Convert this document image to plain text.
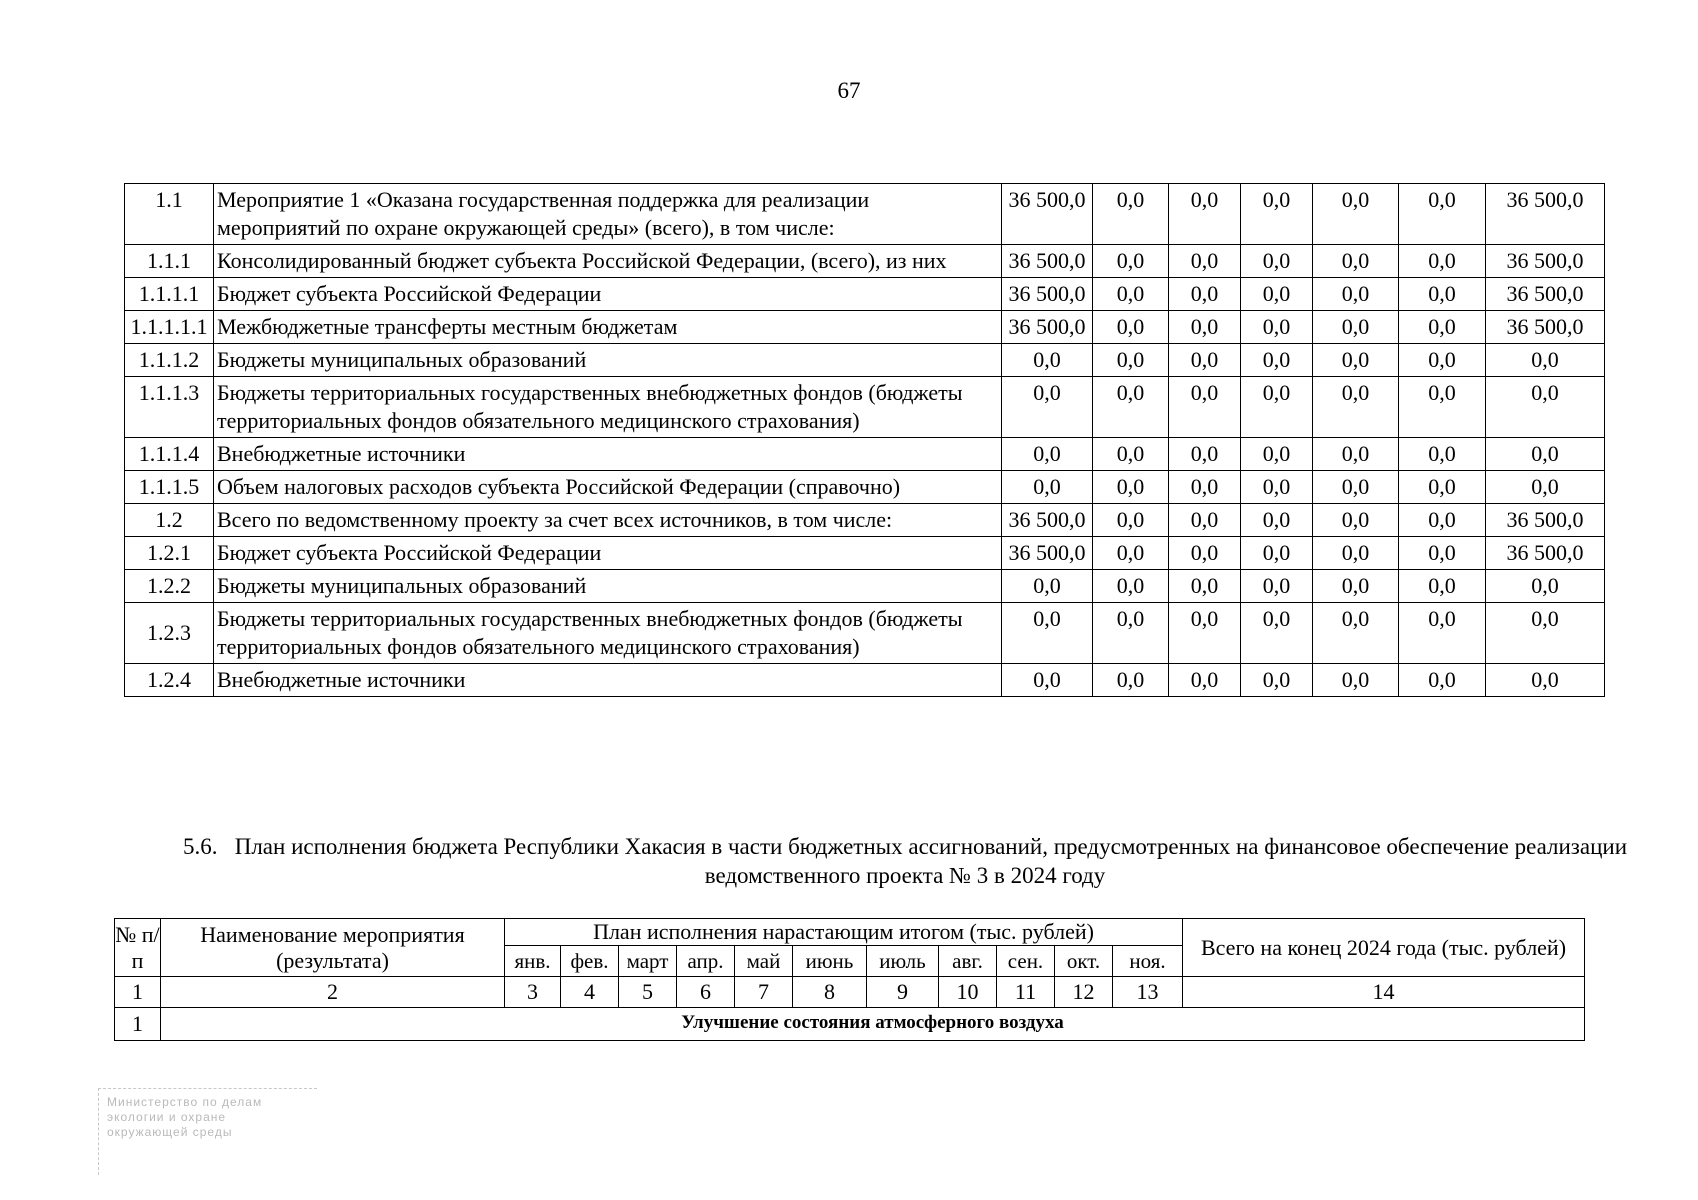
67
1.1	Мероприятие 1 «Оказана государственная поддержка для реализации мероприятий по охране окружающей среды» (всего), в том числе:	36 500,0	0,0	0,0	0,0	0,0	0,0	36 500,0
1.1.1	Консолидированный бюджет субъекта Российской Федерации, (всего), из них	36 500,0	0,0	0,0	0,0	0,0	0,0	36 500,0
1.1.1.1	Бюджет субъекта Российской Федерации	36 500,0	0,0	0,0	0,0	0,0	0,0	36 500,0
1.1.1.1.1	Межбюджетные трансферты местным бюджетам	36 500,0	0,0	0,0	0,0	0,0	0,0	36 500,0
1.1.1.2	Бюджеты муниципальных образований	0,0	0,0	0,0	0,0	0,0	0,0	0,0
1.1.1.3	Бюджеты территориальных государственных внебюджетных фондов (бюджеты территориальных фондов обязательного медицинского страхования)	0,0	0,0	0,0	0,0	0,0	0,0	0,0
1.1.1.4	Внебюджетные источники	0,0	0,0	0,0	0,0	0,0	0,0	0,0
1.1.1.5	Объем налоговых расходов субъекта Российской Федерации (справочно)	0,0	0,0	0,0	0,0	0,0	0,0	0,0
1.2	Всего по ведомственному проекту за счет всех источников, в том числе:	36 500,0	0,0	0,0	0,0	0,0	0,0	36 500,0
1.2.1	Бюджет субъекта Российской Федерации	36 500,0	0,0	0,0	0,0	0,0	0,0	36 500,0
1.2.2	Бюджеты муниципальных образований	0,0	0,0	0,0	0,0	0,0	0,0	0,0
1.2.3	Бюджеты территориальных государственных внебюджетных фондов (бюджеты территориальных фондов обязательного медицинского страхования)	0,0	0,0	0,0	0,0	0,0	0,0	0,0
1.2.4	Внебюджетные источники	0,0	0,0	0,0	0,0	0,0	0,0	0,0
5.6. План исполнения бюджета Республики Хакасия в части бюджетных ассигнований, предусмотренных на финансовое обеспечение реализации ведомственного проекта № 3 в 2024 году
№ п/п	Наименование мероприятия (результата)	План исполнения нарастающим итогом (тыс. рублей)											Всего на конец 2024 года (тыс. рублей)
		янв.	фев.	март	апр.	май	июнь	июль	авг.	сен.	окт.	ноя.	
1	2	3	4	5	6	7	8	9	10	11	12	13	14
1	Улучшение состояния атмосферного воздуха												
Министерство по делам
экологии и охране
окружающей среды
